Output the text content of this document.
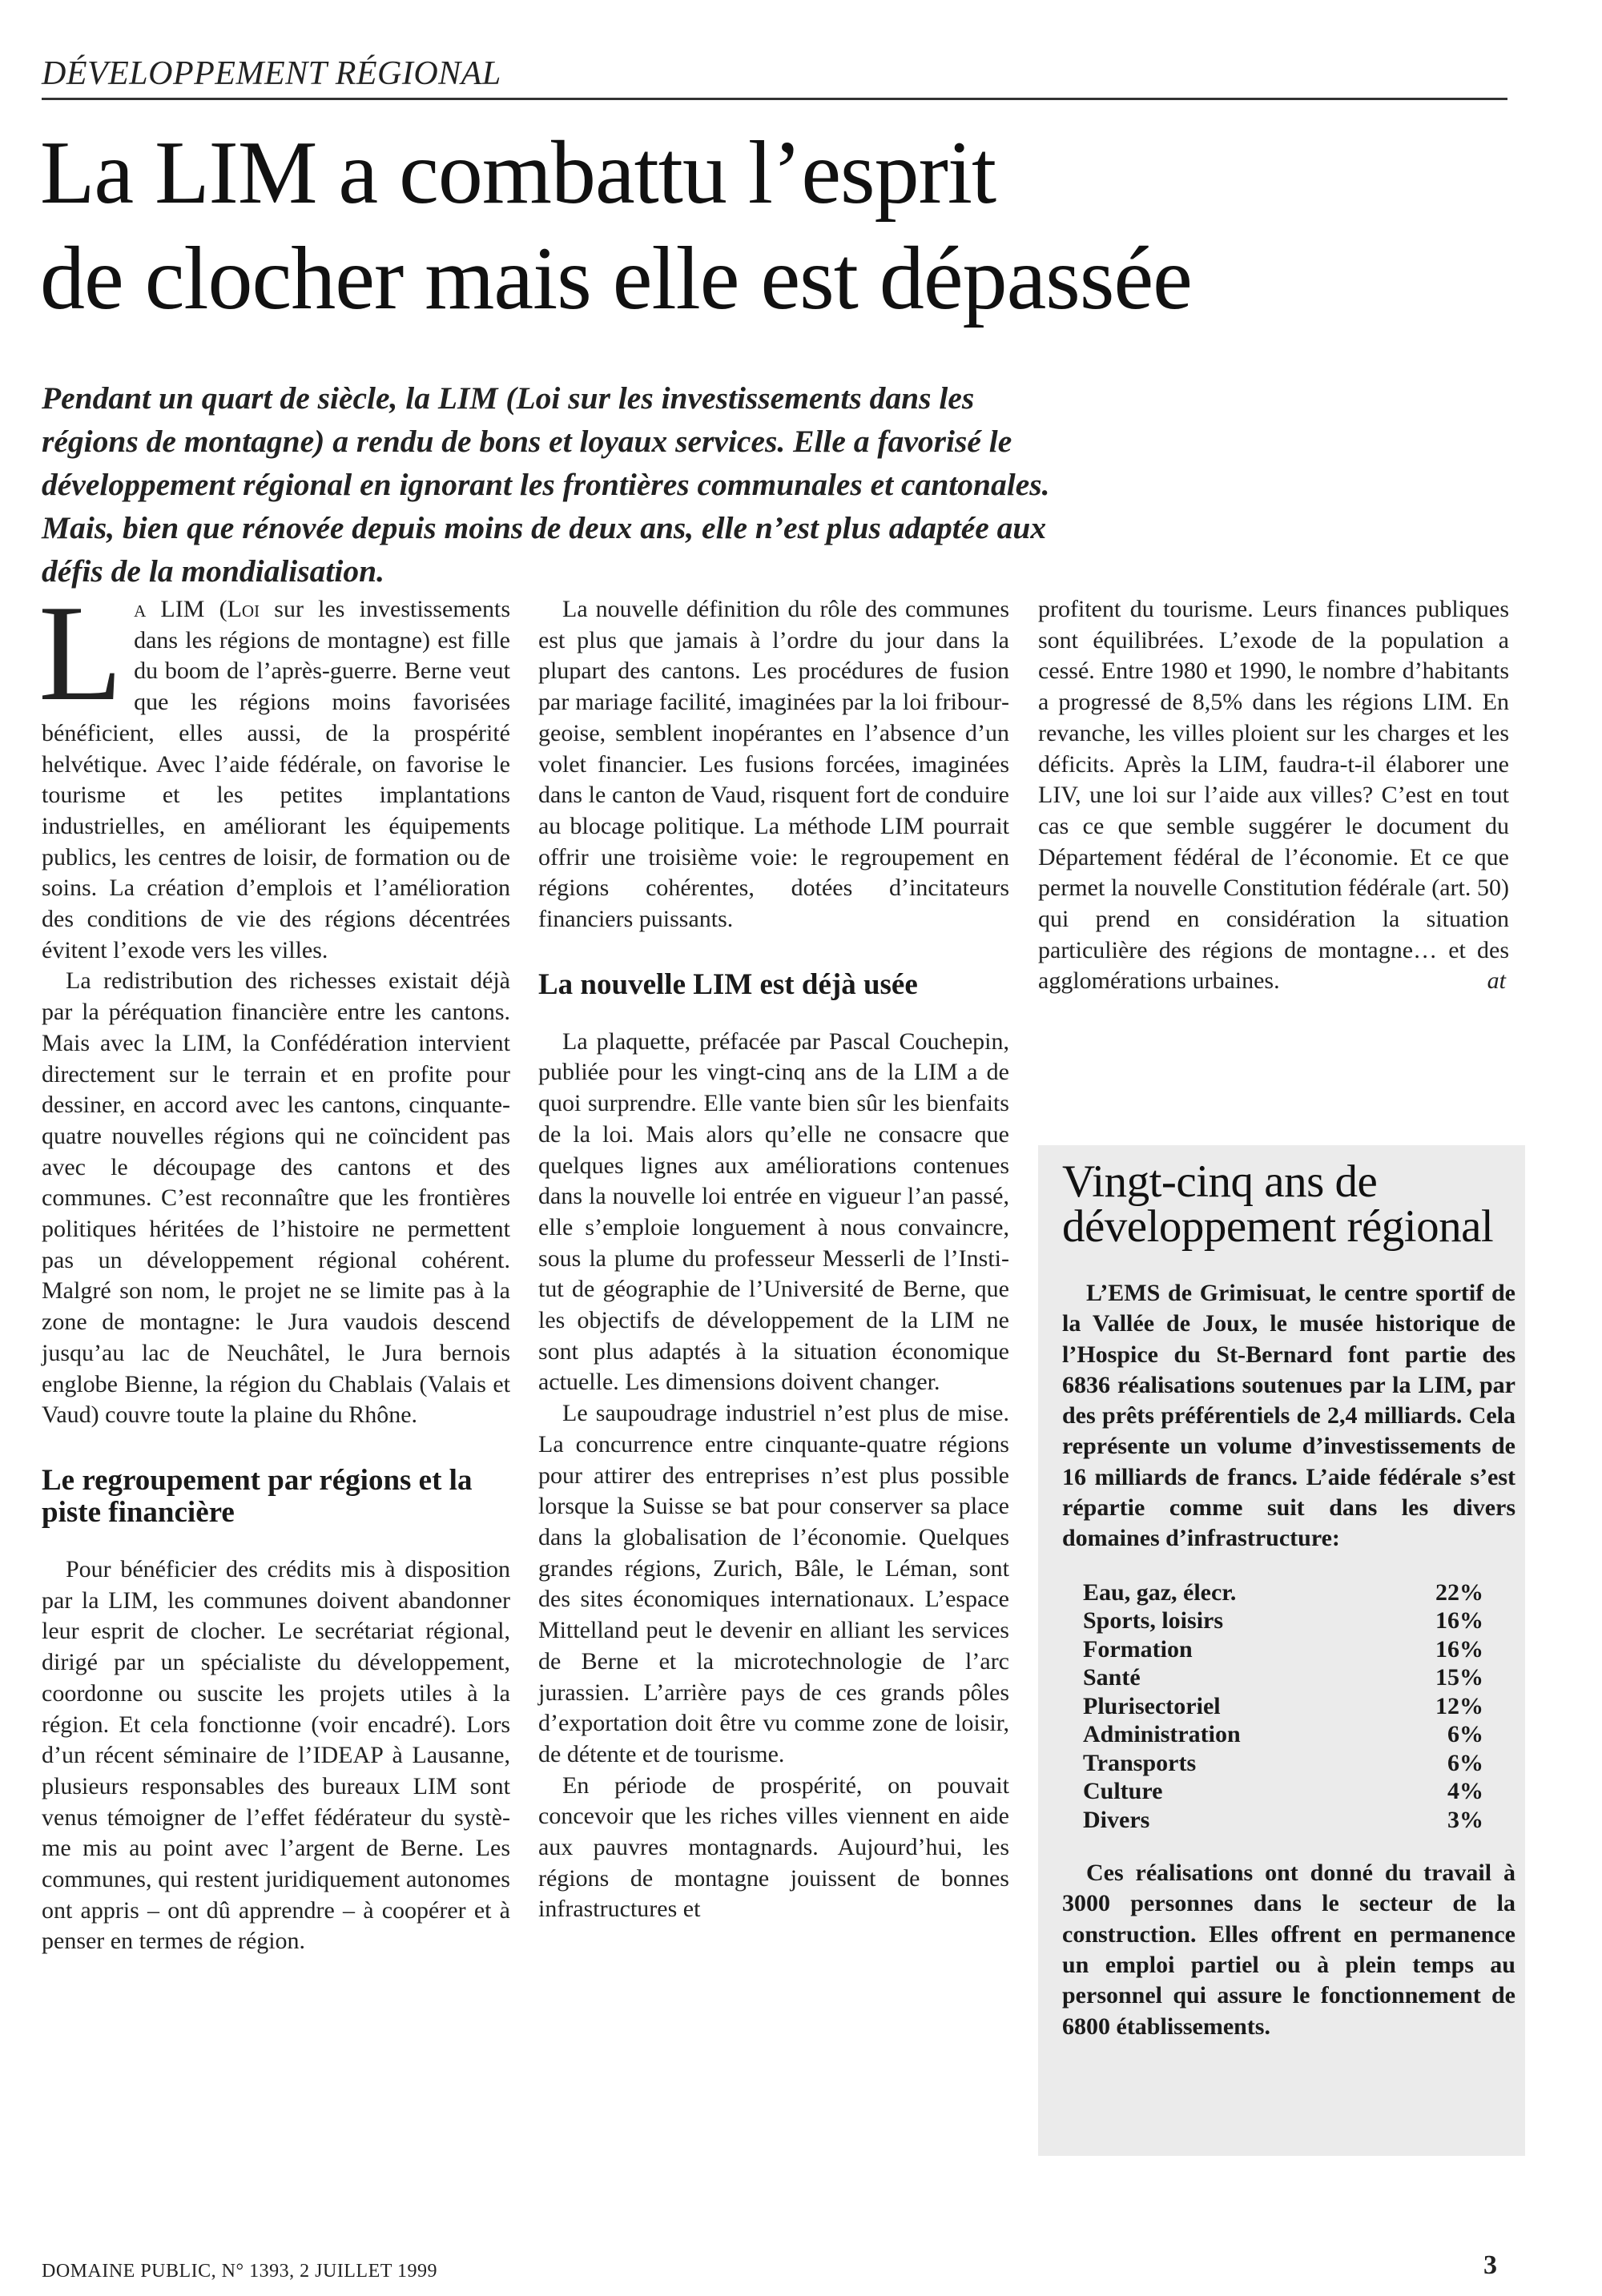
DÉVELOPPEMENT RÉGIONAL
La LIM a combattu l’esprit
de clocher mais elle est dépassée
Pendant un quart de siècle, la LIM (Loi sur les investissements dans les
régions de montagne) a rendu de bons et loyaux services. Elle a favorisé le
développement régional en ignorant les frontières communales et cantonales.
Mais, bien que rénovée depuis moins de deux ans, elle n’est plus adaptée aux
défis de la mondialisation.

La LIM (Loi sur les investissements dans les régions de montagne) est fille du boom de l’après-guerre. Berne veut que les régions moins favorisées bénéficient, elles aussi, de la prospérité helvétique. Avec l’aide fédérale, on favorise le tourisme et les petites implantations industrielles, en améliorant les équipements publics, les centres de loisir, de formation ou de soins. La création d’emplois et l’amélioration des conditions de vie des régions décentrées évitent l’exode vers les villes.

La redistribution des richesses existait déjà par la péréquation financière entre les cantons. Mais avec la LIM, la Confédération intervient directement sur le terrain et en profite pour dessiner, en accord avec les cantons, cinquante-quatre nouvelles régions qui ne coïncident pas avec le découpage des cantons et des communes. C’est reconnaître que les frontières politiques héritées de l’histoire ne permettent pas un développement régional cohérent. Malgré son nom, le projet ne se limite pas à la zone de montagne: le Jura vaudois descend jusqu’au lac de Neuchâtel, le Jura bernois englobe Bienne, la région du Chablais (Valais et Vaud) couvre toute la plaine du Rhône.

Le regroupement par régions et la piste financière

Pour bénéficier des crédits mis à disposition par la LIM, les communes doivent abandonner leur esprit de clocher. Le secrétariat régional, dirigé par un spécialiste du développement, coordonne ou suscite les projets utiles à la région. Et cela fonctionne (voir encadré). Lors d’un récent séminaire de l’IDEAP à Lausanne, plusieurs responsables des bureaux LIM sont venus témoigner de l’effet fédérateur du système mis au point avec l’argent de Berne. Les communes, qui restent juridiquement autonomes ont appris – ont dû apprendre – à coopérer et à penser en termes de région.

La nouvelle définition du rôle des communes est plus que jamais à l’ordre du jour dans la plupart des cantons. Les procédures de fusion par mariage facilité, imaginées par la loi fribourgeoise, semblent inopérantes en l’absence d’un volet financier. Les fusions forcées, imaginées dans le canton de Vaud, risquent fort de conduire au blocage politique. La méthode LIM pourrait offrir une troisième voie: le regroupement en régions cohérentes, dotées d’incitateurs financiers puissants.

La nouvelle LIM est déjà usée

La plaquette, préfacée par Pascal Couchepin, publiée pour les vingt-cinq ans de la LIM a de quoi surprendre. Elle vante bien sûr les bienfaits de la loi. Mais alors qu’elle ne consacre que quelques lignes aux améliorations contenues dans la nouvelle loi entrée en vigueur l’an passé, elle s’emploie longuement à nous convaincre, sous la plume du professeur Messerli de l’Institut de géographie de l’Université de Berne, que les objectifs de développement de la LIM ne sont plus adaptés à la situation économique actuelle. Les dimensions doivent changer.

Le saupoudrage industriel n’est plus de mise. La concurrence entre cinquante-quatre régions pour attirer des entreprises n’est plus possible lorsque la Suisse se bat pour conserver sa place dans la globalisation de l’économie. Quelques grandes régions, Zurich, Bâle, le Léman, sont des sites économiques internationaux. L’espace Mittelland peut le devenir en alliant les services de Berne et la microtechnologie de l’arc jurassien. L’arrière pays de ces grands pôles d’exportation doit être vu comme zone de loisir, de détente et de tourisme.

En période de prospérité, on pouvait concevoir que les riches villes viennent en aide aux pauvres montagnards. Aujourd’hui, les régions de montagne jouissent de bonnes infrastructures et

profitent du tourisme. Leurs finances publiques sont équilibrées. L’exode de la population a cessé. Entre 1980 et 1990, le nombre d’habitants a progressé de 8,5% dans les régions LIM. En revanche, les villes ploient sur les charges et les déficits. Après la LIM, faudra-t-il élaborer une LIV, une loi sur l’aide aux villes? C’est en tout cas ce que semble suggérer le document du Département fédéral de l’économie. Et ce que permet la nouvelle Constitution fédérale (art. 50) qui prend en considération la situation particulière des régions de montagne… et des agglomérations urbaines.	at
Vingt-cinq ans de développement régional
L’EMS de Grimisuat, le centre sportif de la Vallée de Joux, le musée historique de l’Hospice du St-Bernard font partie des 6836 réalisations soutenues par la LIM, par des prêts préférentiels de 2,4 milliards. Cela représente un volume d’investissements de 16 milliards de francs. L’aide fédérale s’est répartie comme suit dans les divers domaines d’infrastructure:
Eau, gaz, élecr.	22%
Sports, loisirs	16%
Formation	16%
Santé	15%
Plurisectoriel	12%
Administration	6%
Transports	6%
Culture	4%
Divers	3%
Ces réalisations ont donné du travail à 3000 personnes dans le secteur de la construction. Elles offrent en permanence un emploi partiel ou à plein temps au personnel qui assure le fonctionnement de 6800 établissements.
DOMAINE PUBLIC, N° 1393, 2 JUILLET 1999	3
